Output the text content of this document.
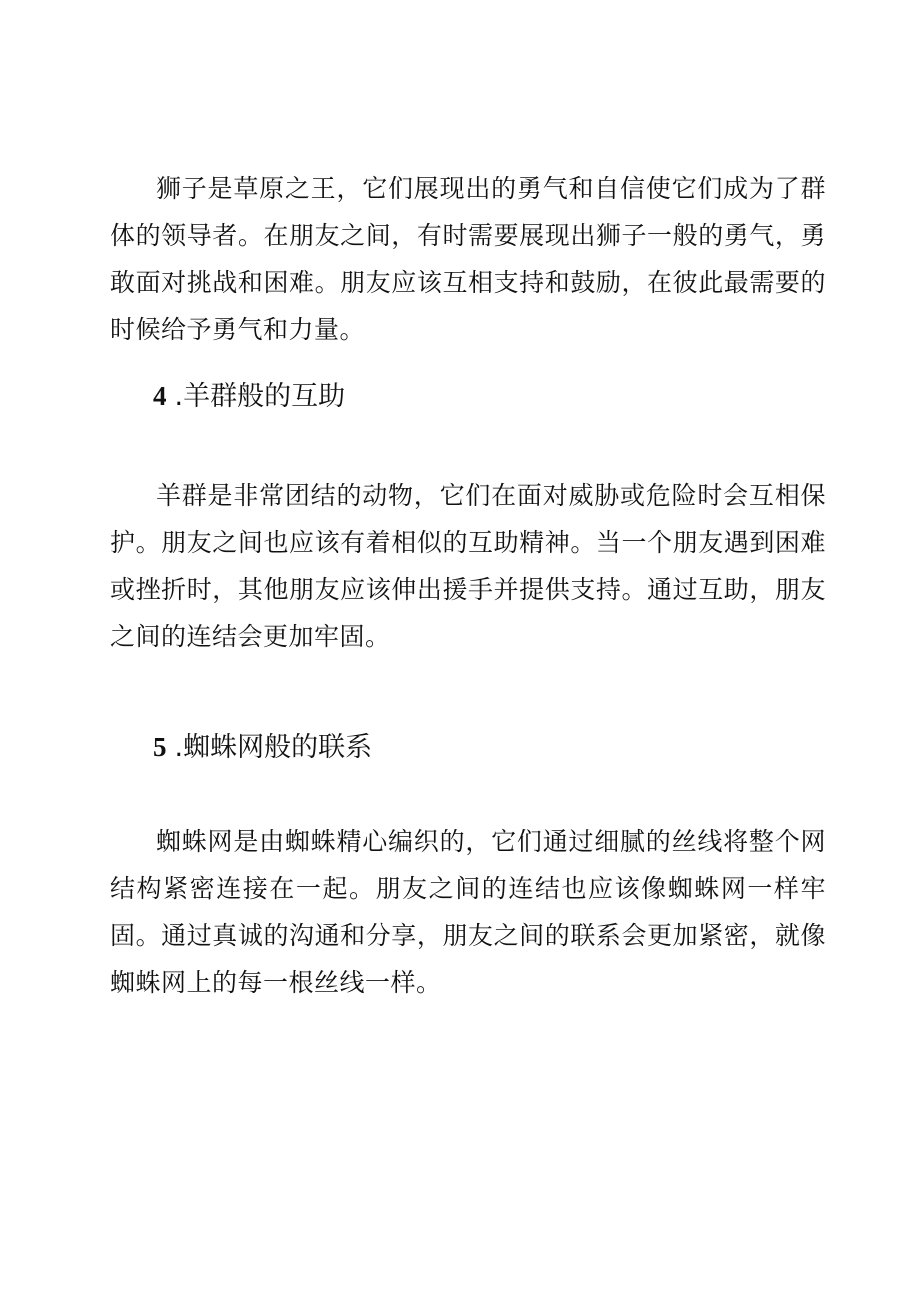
狮子是草原之王，它们展现出的勇气和自信使它们成为了群体的领导者。在朋友之间，有时需要展现出狮子一般的勇气，勇敢面对挑战和困难。朋友应该互相支持和鼓励，在彼此最需要的时候给予勇气和力量。

4 .羊群般的互助

羊群是非常团结的动物，它们在面对威胁或危险时会互相保护。朋友之间也应该有着相似的互助精神。当一个朋友遇到困难或挫折时，其他朋友应该伸出援手并提供支持。通过互助，朋友之间的连结会更加牢固。

5 .蜘蛛网般的联系

蜘蛛网是由蜘蛛精心编织的，它们通过细腻的丝线将整个网结构紧密连接在一起。朋友之间的连结也应该像蜘蛛网一样牢固。通过真诚的沟通和分享，朋友之间的联系会更加紧密，就像蜘蛛网上的每一根丝线一样。
